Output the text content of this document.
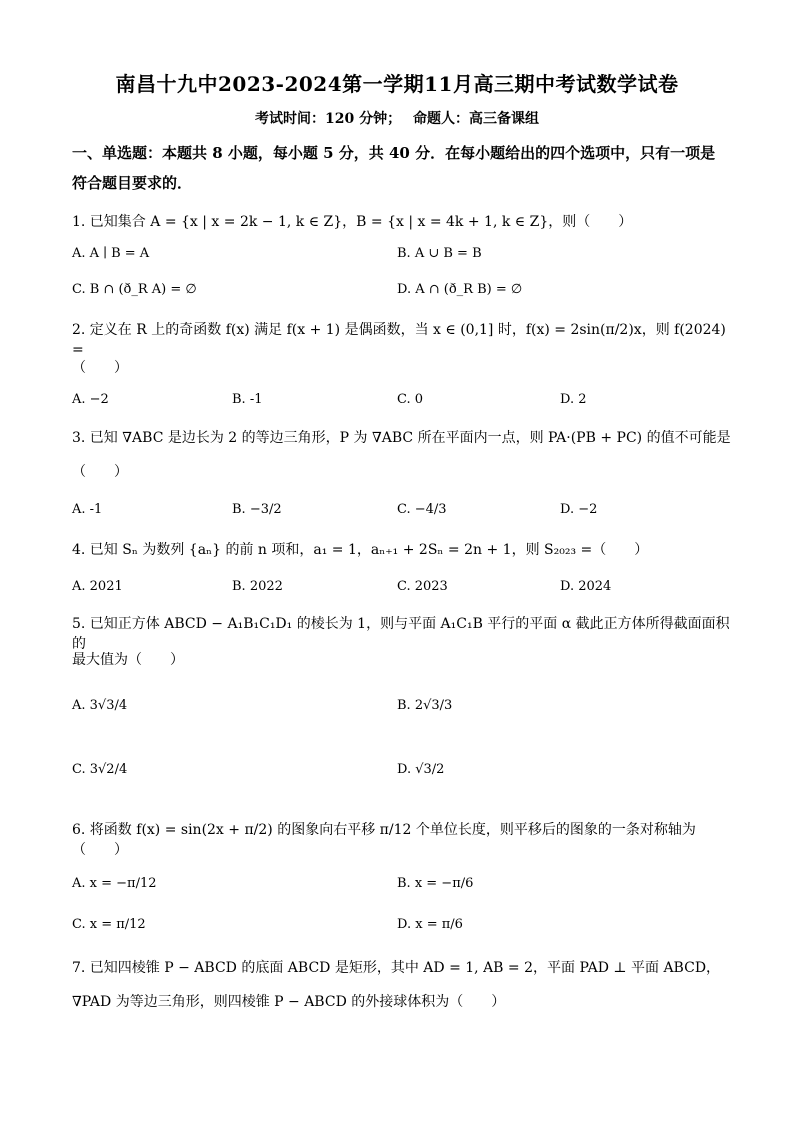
南昌十九中2023-2024第一学期11月高三期中考试数学试卷
考试时间：120 分钟；　 命题人：高三备课组
一、单选题：本题共 8 小题，每小题 5 分，共 40 分．在每小题给出的四个选项中，只有一项是符合题目要求的．
1. 已知集合 A = {x | x = 2k − 1, k ∈ Z}，B = {x | x = 4k + 1, k ∈ Z}，则（　　）
A. A ∣ B = A	B. A ∪ B = B
C. B ∩ (ð_R A) = ∅	D. A ∩ (ð_R B) = ∅
2. 定义在 R 上的奇函数 f(x) 满足 f(x + 1) 是偶函数，当 x ∈ (0,1] 时，f(x) = 2sin(π/2)x，则 f(2024) =
（　　）
A. −2	B. -1	C. 0	D. 2
3. 已知 ∇ABC 是边长为 2 的等边三角形，P 为 ∇ABC 所在平面内一点，则 PA·(PB + PC) 的值不可能是
（　　）
A. -1	B. −3/2	C. −4/3	D. −2
4. 已知 Sₙ 为数列 {aₙ} 的前 n 项和，a₁ = 1，aₙ₊₁ + 2Sₙ = 2n + 1，则 S₂₀₂₃ =（　　）
A. 2021	B. 2022	C. 2023	D. 2024
5. 已知正方体 ABCD − A₁B₁C₁D₁ 的棱长为 1，则与平面 A₁C₁B 平行的平面 α 截此正方体所得截面面积的
最大值为（　　）
A. 3√3/4	B. 2√3/3
C. 3√2/4	D. √3/2
6. 将函数 f(x) = sin(2x + π/2) 的图象向右平移 π/12 个单位长度，则平移后的图象的一条对称轴为（　　）
A. x = −π/12	B. x = −π/6
C. x = π/12	D. x = π/6
7. 已知四棱锥 P − ABCD 的底面 ABCD 是矩形，其中 AD = 1, AB = 2，平面 PAD ⊥ 平面 ABCD，
∇PAD 为等边三角形，则四棱锥 P − ABCD 的外接球体积为（　　）
